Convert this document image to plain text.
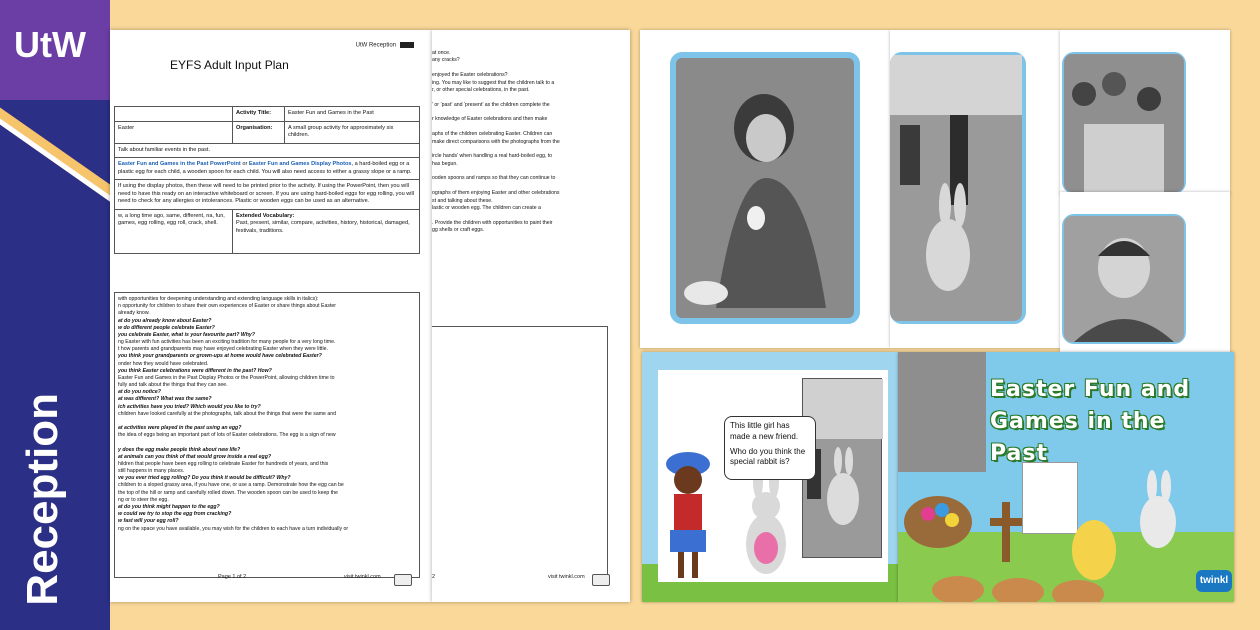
UtW
Reception
UtW Reception
EYFS Adult Input Plan
	Activity Title:	Easter Fun and Games in the Past
Easter	Organisation:	A small group activity for approximately six children.
Talk about familiar events in the past.		
Easter Fun and Games in the Past PowerPoint or Easter Fun and Games Display Photos, a hard-boiled egg or a plastic egg for each child, a wooden spoon for each child. You will also need access to either a grassy slope or a ramp.		
If using the display photos, then these will need to be printed prior to the activity. If using the PowerPoint, then you will need to have this ready on an interactive whiteboard or screen. If you are using hard-boiled eggs for egg rolling, you will need to check for any allergies or intolerances. Plastic or wooden eggs can be used as an alternative.		
w, a long time ago, same, different, na, fun, games, egg rolling, egg roll, crack, shell.	Extended Vocabulary:
Past, present, similar, compare, activities, history, historical, damaged, festivals, traditions.	

with opportunities for deepening understanding and extending language skills in italics):

n opportunity for children to share their own experiences of Easter or share things about Easter

already know.

at do you already know about Easter?

w do different people celebrate Easter?

you celebrate Easter, what is your favourite part? Why?

ng Easter with fun activities has been an exciting tradition for many people for a very long time.

t how parents and grandparents may have enjoyed celebrating Easter when they were little.

you think your grandparents or grown-ups at home would have celebrated Easter?

onder how they would have celebrated.

you think Easter celebrations were different in the past? How?

Easter Fun and Games in the Past Display Photos or the PowerPoint, allowing children time to

fully and talk about the things that they can see.

at do you notice?

at was different? What was the same?

ich activities have you tried? Which would you like to try?

children have looked carefully at the photographs, talk about the things that were the same and

at activities were played in the past using an egg?

the idea of eggs being an important part of lots of Easter celebrations. The egg is a sign of new

y does the egg make people think about new life?

at animals can you think of that would grow inside a real egg?

hildren that people have been egg rolling to celebrate Easter for hundreds of years, and this

still happens in many places.

ve you ever tried egg rolling? Do you think it would be difficult? Why?

children to a sloped grassy area, if you have one, or use a ramp. Demonstrate how the egg can be

the top of the hill or ramp and carefully rolled down. The wooden spoon can be used to keep the

ng or to steer the egg.

at do you think might happen to the egg?

w could we try to stop the egg from cracking?

w fast will your egg roll?

ng on the space you have available, you may wish for the children to each have a turn individually or

Page 1 of 2	visit twinkl.com

at once.

any cracks?

enjoyed the Easter celebrations?

ing. You may like to suggest that the children talk to a

r, or other special celebrations, in the past.

’ or ‘past’ and ‘present’ as the children complete the

r knowledge of Easter celebrations and then make

aphs of the children celebrating Easter. Children can

make direct comparisons with the photographs from the

ircle hands’ when handling a real hard-boiled egg, to

has begun.

ooden spoons and ramps so that they can continue to

ographs of them enjoying Easter and other celebrations

st and talking about these.

lastic or wooden egg. The children can create a

. Provide the children with opportunities to paint their

gg shells or craft eggs.

2	visit twinkl.com
This little girl has made a new friend.
Who do you think the special rabbit is?
Easter Fun and Games in the Past
twinkl
